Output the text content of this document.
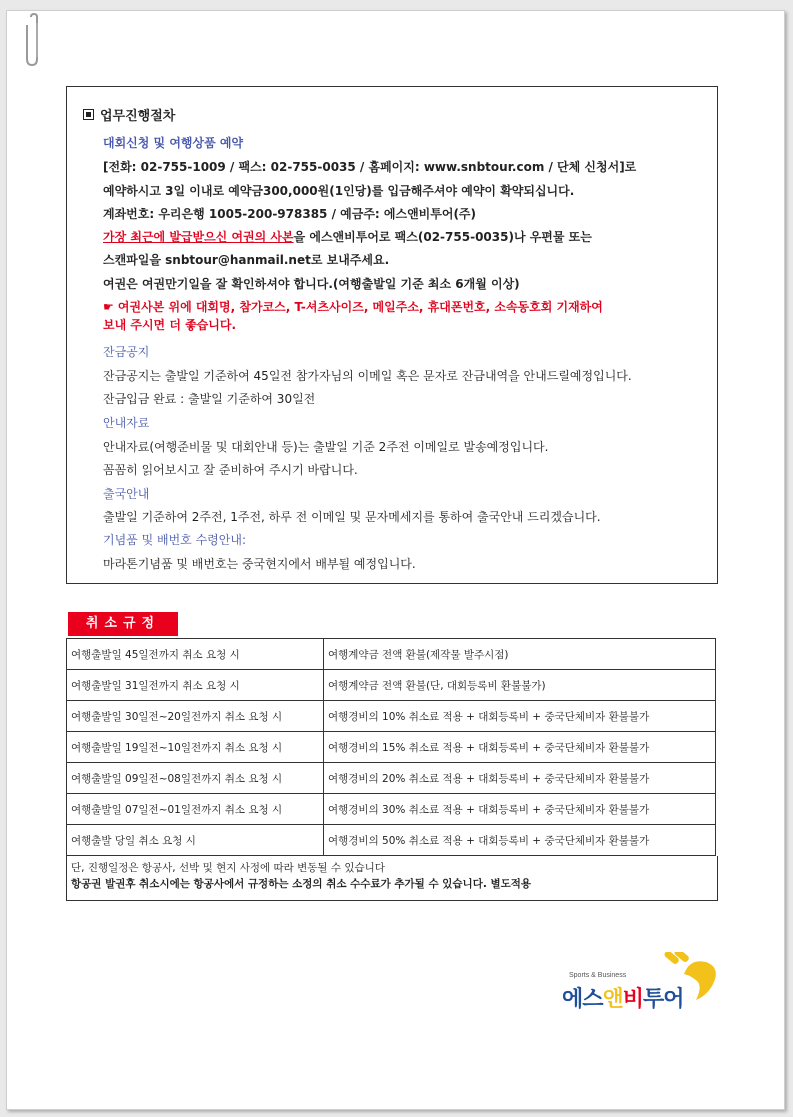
업무진행절차
대회신청 및 여행상품 예약
[전화: 02-755-1009 / 팩스: 02-755-0035 / 홈페이지: www.snbtour.com / 단체 신청서]로
예약하시고 3일 이내로 예약금300,000원(1인당)를 입금해주셔야 예약이 확약되십니다.
계좌번호: 우리은행 1005-200-978385 / 예금주: 에스앤비투어(주)
가장 최근에 발급받으신 여권의 사본을 에스앤비투어로 팩스(02-755-0035)나 우편물 또는
스캔파일을 snbtour@hanmail.net로 보내주세요.
여권은 여권만기일을 잘 확인하셔야 합니다.(여행출발일 기준 최소 6개월 이상)
☛ 여권사본 위에 대회명, 참가코스, T-셔츠사이즈, 메일주소, 휴대폰번호, 소속동호회 기재하여
보내 주시면 더 좋습니다.
잔금공지
잔금공지는 출발일 기준하여 45일전 참가자님의 이메일 혹은 문자로 잔금내역을 안내드릴예정입니다.
잔금입금 완료 : 출발일 기준하여 30일전
안내자료
안내자료(여행준비물 및 대회안내 등)는 출발일 기준 2주전 이메일로 발송예정입니다.
꼼꼼히 읽어보시고 잘 준비하여 주시기 바랍니다.
출국안내
출발일 기준하여 2주전, 1주전, 하루 전 이메일 및 문자메세지를 통하여 출국안내 드리겠습니다.
기념품 및 배번호 수령안내:
마라톤기념품 및 배번호는 중국현지에서 배부될 예정입니다.
취소규정
여행출발일 45일전까지 취소 요청 시	여행계약금 전액 환불(제작물 발주시점)
여행출발일 31일전까지 취소 요청 시	여행계약금 전액 환불(단, 대회등록비 환불불가)
여행출발일 30일전~20일전까지 취소 요청 시	여행경비의 10% 취소료 적용 + 대회등록비 + 중국단체비자 환불불가
여행출발일 19일전~10일전까지 취소 요청 시	여행경비의 15% 취소료 적용 + 대회등록비 + 중국단체비자 환불불가
여행출발일 09일전~08일전까지 취소 요청 시	여행경비의 20% 취소료 적용 + 대회등록비 + 중국단체비자 환불불가
여행출발일 07일전~01일전까지 취소 요청 시	여행경비의 30% 취소료 적용 + 대회등록비 + 중국단체비자 환불불가
여행출발 당일 취소 요청 시	여행경비의 50% 취소료 적용 + 대회등록비 + 중국단체비자 환불불가
단, 진행일정은 항공사, 선박 및 현지 사정에 따라 변동될 수 있습니다
항공권 발권후 취소시에는 항공사에서 규정하는 소정의 취소 수수료가 추가될 수 있습니다. 별도적용
Sports & Business
에스앤비투어
